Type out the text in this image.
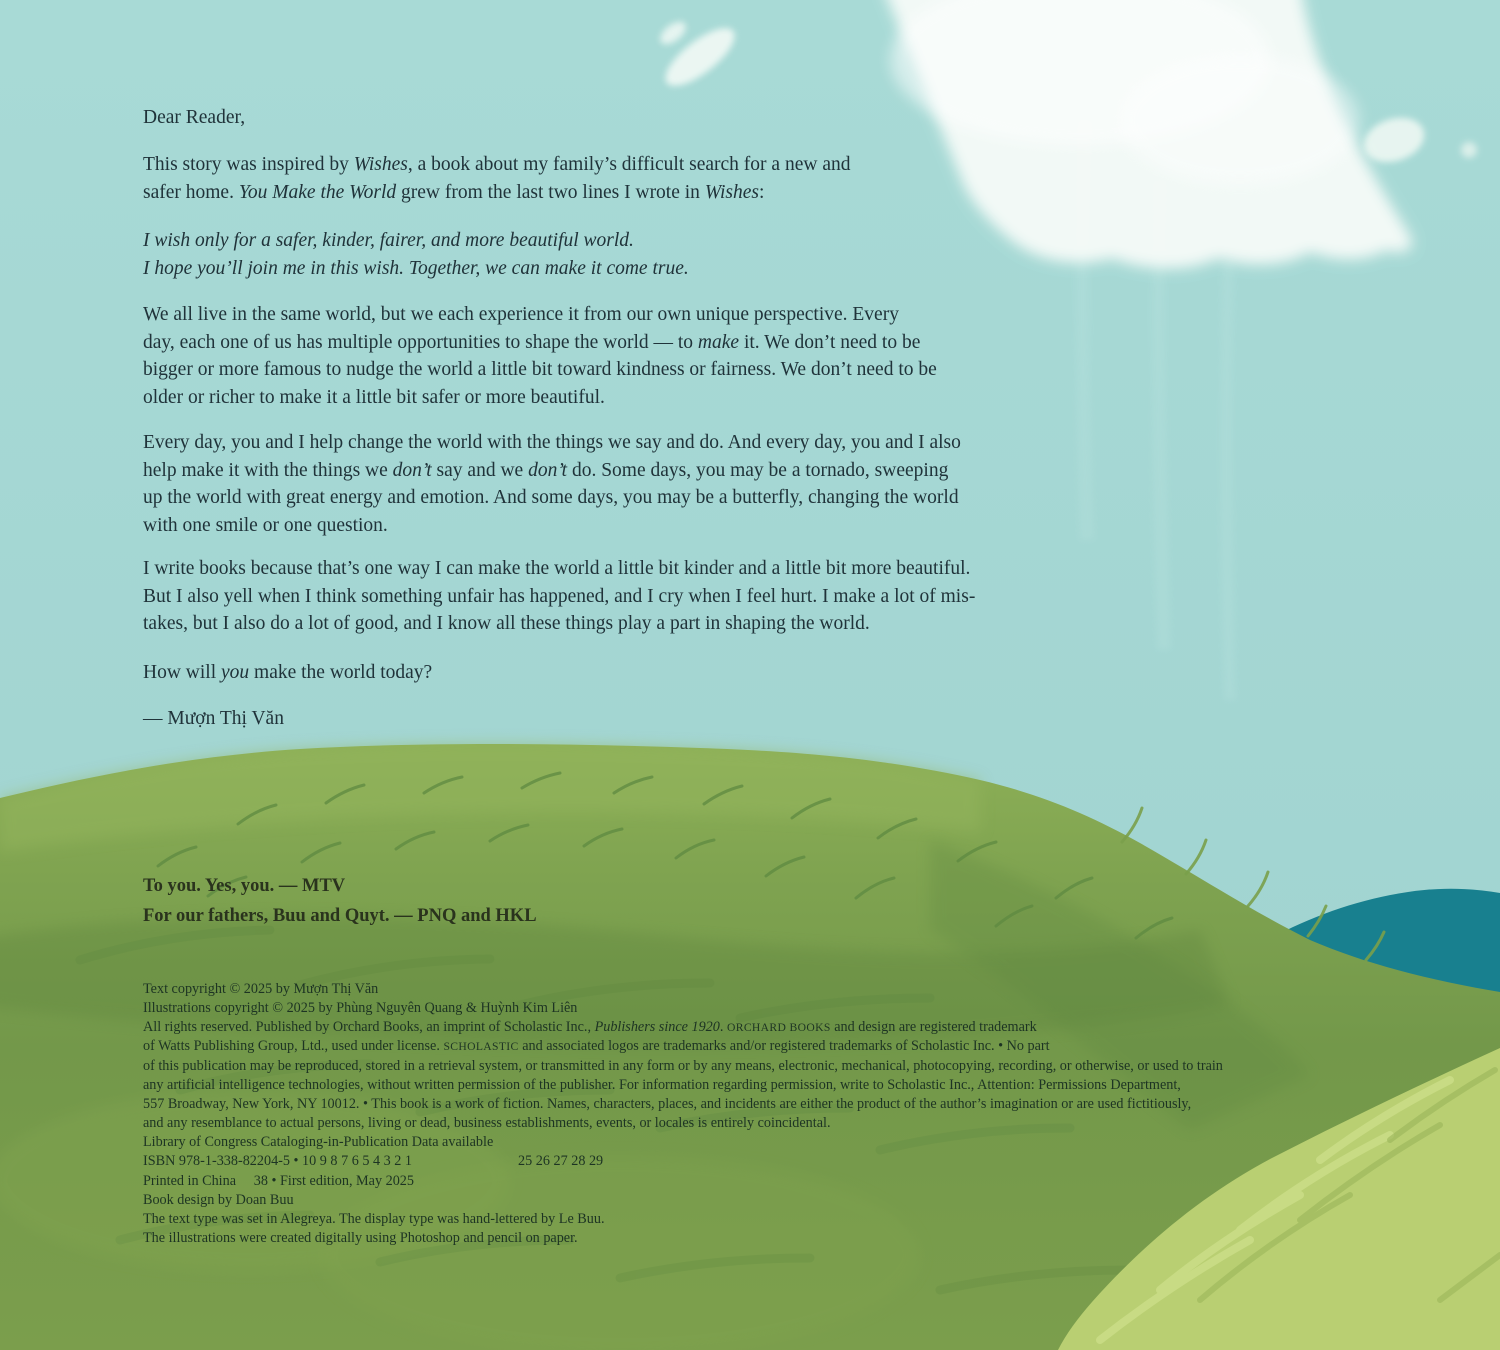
Dear Reader,
This story was inspired by Wishes, a book about my family’s difficult search for a new and
safer home. You Make the World grew from the last two lines I wrote in Wishes:
I wish only for a safer, kinder, fairer, and more beautiful world.
I hope you’ll join me in this wish. Together, we can make it come true.
We all live in the same world, but we each experience it from our own unique perspective. Every
day, each one of us has multiple opportunities to shape the world — to make it. We don’t need to be
bigger or more famous to nudge the world a little bit toward kindness or fairness. We don’t need to be
older or richer to make it a little bit safer or more beautiful.
Every day, you and I help change the world with the things we say and do. And every day, you and I also
help make it with the things we don’t say and we don’t do. Some days, you may be a tornado, sweeping
up the world with great energy and emotion. And some days, you may be a butterfly, changing the world
with one smile or one question.
I write books because that’s one way I can make the world a little bit kinder and a little bit more beautiful.
But I also yell when I think something unfair has happened, and I cry when I feel hurt. I make a lot of mis-
takes, but I also do a lot of good, and I know all these things play a part in shaping the world.
How will you make the world today?
— Mượn Thị Văn
To you. Yes, you. — MTV
For our fathers, Buu and Quyt. — PNQ and HKL
Text copyright © 2025 by Mượn Thị Văn
Illustrations copyright © 2025 by Phùng Nguyên Quang & Huỳnh Kim Liên
All rights reserved. Published by Orchard Books, an imprint of Scholastic Inc., Publishers since 1920. ORCHARD BOOKS and design are registered trademark
of Watts Publishing Group, Ltd., used under license. SCHOLASTIC and associated logos are trademarks and/or registered trademarks of Scholastic Inc. • No part
of this publication may be reproduced, stored in a retrieval system, or transmitted in any form or by any means, electronic, mechanical, photocopying, recording, or otherwise, or used to train
any artificial intelligence technologies, without written permission of the publisher. For information regarding permission, write to Scholastic Inc., Attention: Permissions Department,
557 Broadway, New York, NY 10012. • This book is a work of fiction. Names, characters, places, and incidents are either the product of the author’s imagination or are used fictitiously,
and any resemblance to actual persons, living or dead, business establishments, events, or locales is entirely coincidental.
Library of Congress Cataloging-in-Publication Data available
ISBN 978-1-338-82204-5 • 10 9 8 7 6 5 4 3 2 1	25 26 27 28 29
Printed in China     38 • First edition, May 2025
Book design by Doan Buu
The text type was set in Alegreya. The display type was hand-lettered by Le Buu.
The illustrations were created digitally using Photoshop and pencil on paper.
